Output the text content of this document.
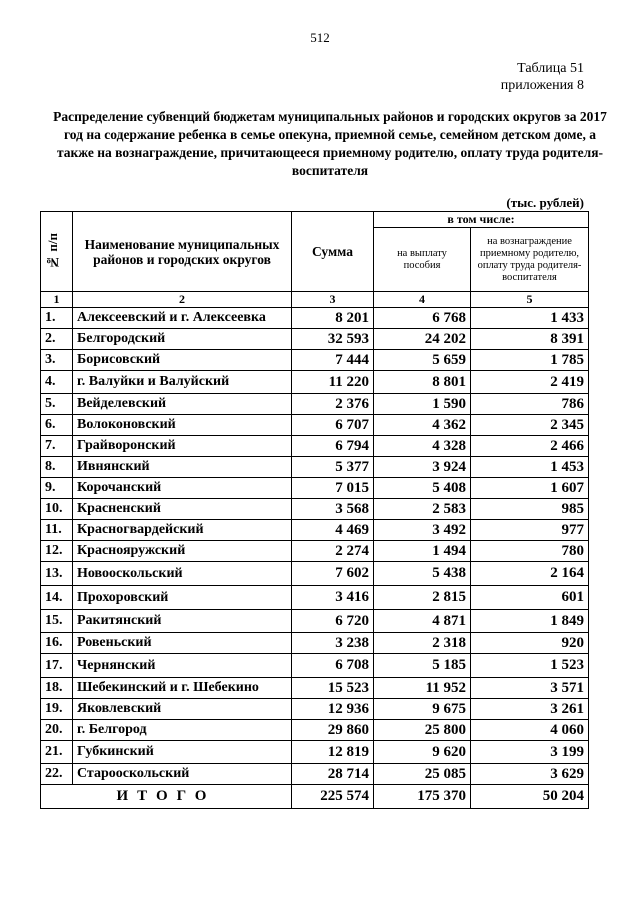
512
Таблица 51
приложения 8
Распределение субвенций бюджетам муниципальных районов и городских округов за 2017 год на содержание ребенка в семье опекуна, приемной семье, семейном детском доме, а также на вознаграждение, причитающееся приемному родителю, оплату труда родителя-воспитателя
(тыс. рублей)
№ п/п	Наименование муниципальных районов и городских округов	Сумма	в том числе:	
			на выплату пособия	на вознаграждение приемному родителю, оплату труда родителя-воспитателя
1	2	3	4	5
1.	Алексеевский и г. Алексеевка	8 201	6 768	1 433
2.	Белгородский	32 593	24 202	8 391
3.	Борисовский	7 444	5 659	1 785
4.	г. Валуйки и Валуйский	11 220	8 801	2 419
5.	Вейделевский	2 376	1 590	786
6.	Волоконовский	6 707	4 362	2 345
7.	Грайворонский	6 794	4 328	2 466
8.	Ивнянский	5 377	3 924	1 453
9.	Корочанский	7 015	5 408	1 607
10.	Красненский	3 568	2 583	985
11.	Красногвардейский	4 469	3 492	977
12.	Краснояружский	2 274	1 494	780
13.	Новооскольский	7 602	5 438	2 164
14.	Прохоровский	3 416	2 815	601
15.	Ракитянский	6 720	4 871	1 849
16.	Ровеньский	3 238	2 318	920
17.	Чернянский	6 708	5 185	1 523
18.	Шебекинский и г. Шебекино	15 523	11 952	3 571
19.	Яковлевский	12 936	9 675	3 261
20.	г. Белгород	29 860	25 800	4 060
21.	Губкинский	12 819	9 620	3 199
22.	Старооскольский	28 714	25 085	3 629
ИТОГО		225 574	175 370	50 204
